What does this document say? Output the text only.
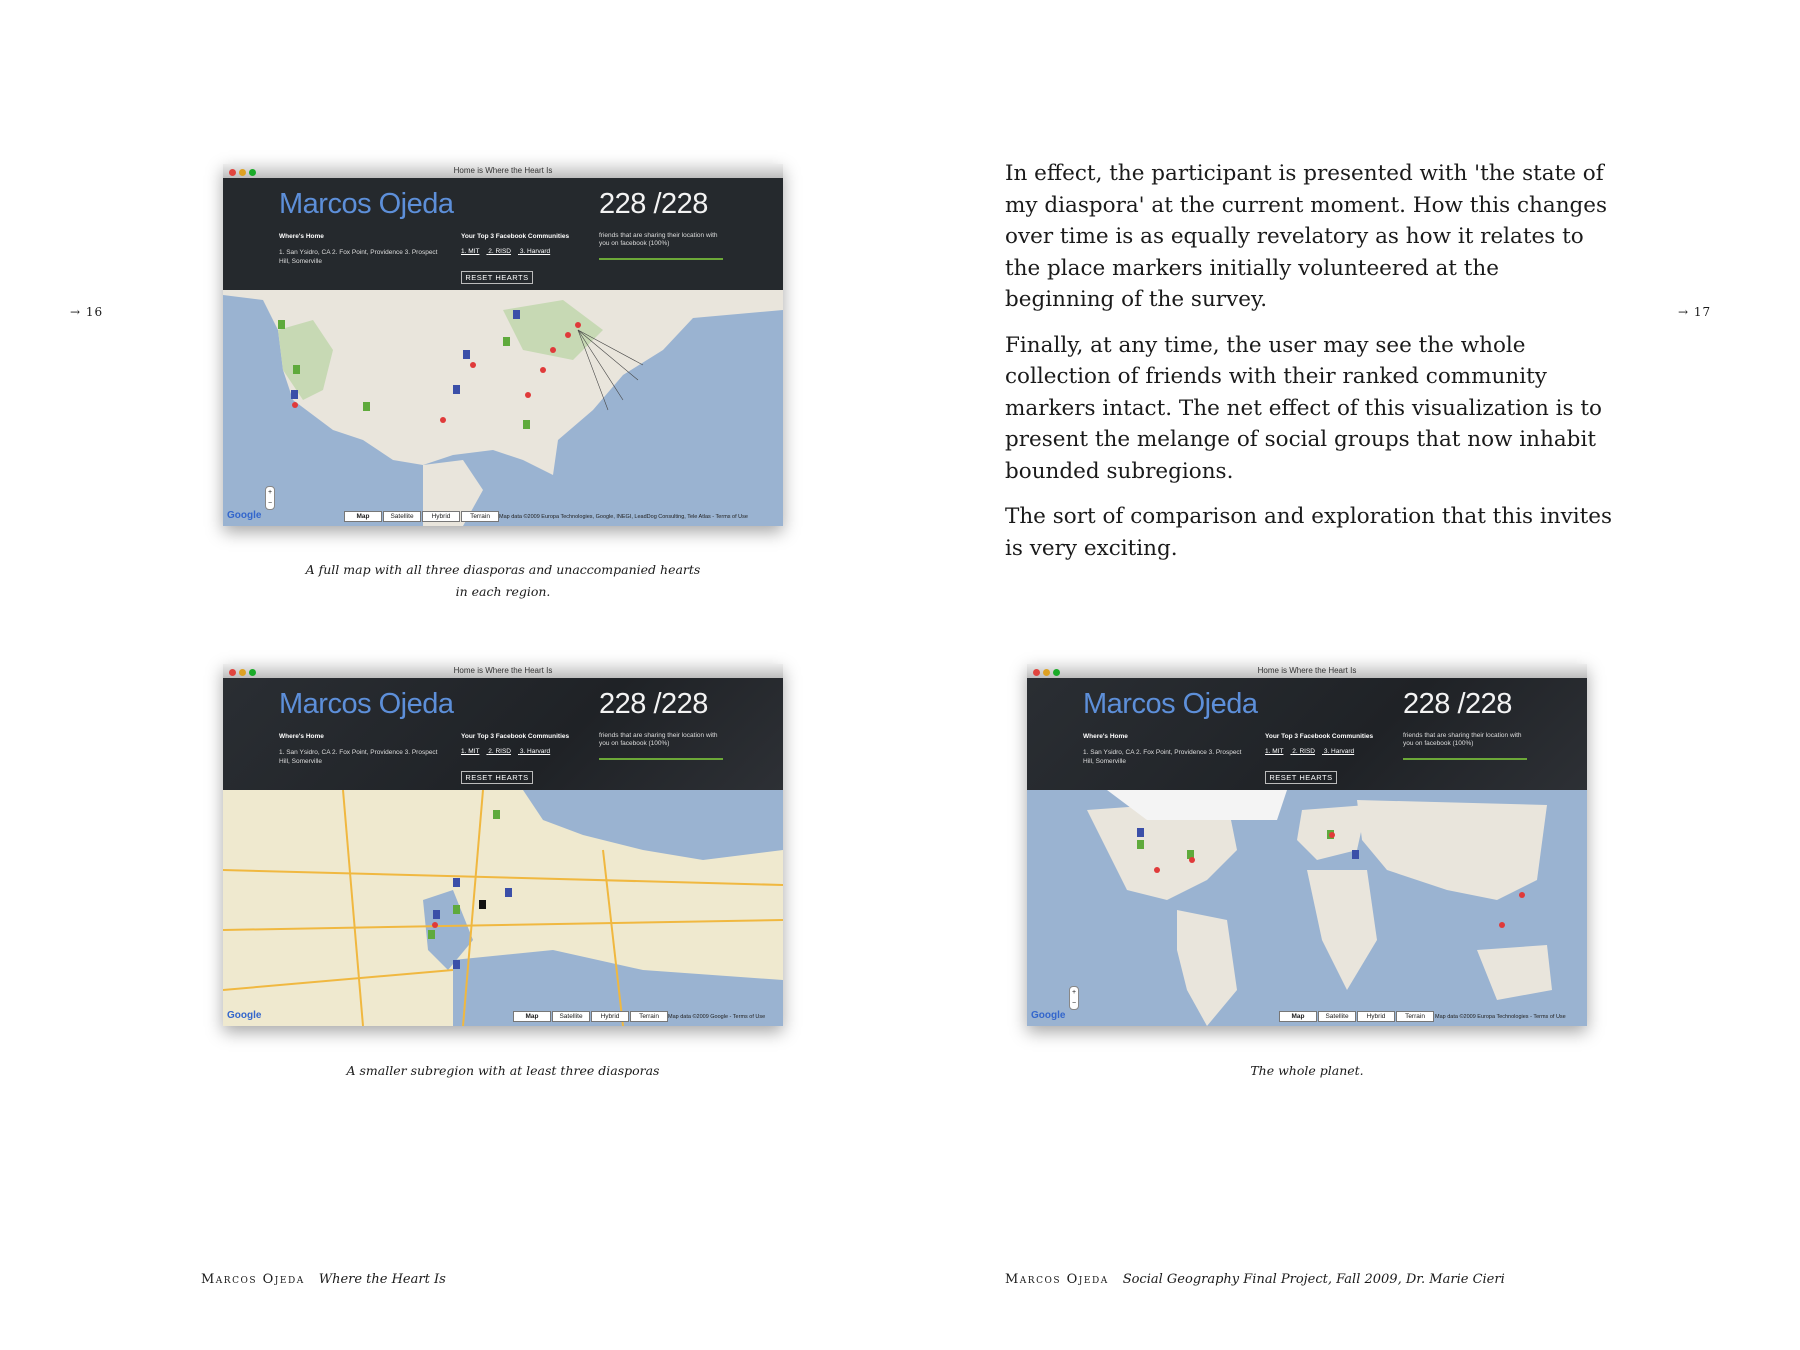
→ 16
Home is Where the Heart Is
Marcos Ojeda
Where's Home
1. San Ysidro, CA 2. Fox Point, Providence 3. Prospect Hill, Somerville
Your Top 3 Facebook Communities
1. MIT 2. RISD 3. Harvard
228 /228
friends that are sharing their location with you on facebook (100%)
RESET HEARTS
+
−
Google	Map	Satellite	Hybrid	Terrain	Map data ©2009 Europa Technologies, Google, INEGI, LeadDog Consulting, Tele Atlas - Terms of Use
A full map with all three diasporas and unaccompanied hearts
in each region.
Home is Where the Heart Is
Marcos Ojeda
Where's Home
1. San Ysidro, CA 2. Fox Point, Providence 3. Prospect Hill, Somerville
Your Top 3 Facebook Communities
1. MIT 2. RISD 3. Harvard
228 /228
friends that are sharing their location with you on facebook (100%)
RESET HEARTS
Google	Map	Satellite	Hybrid	Terrain	Map data ©2009 Google - Terms of Use
A smaller subregion with at least three diasporas
Marcos Ojeda Where the Heart Is
→ 17

In effect, the participant is presented with 'the state of my diaspora' at the current moment. How this changes over time is as equally revelatory as how it relates to the place markers initially volunteered at the beginning of the survey.

Finally, at any time, the user may see the whole collection of friends with their ranked community markers intact. The net effect of this visualization is to present the melange of social groups that now inhabit bounded subregions.

The sort of comparison and exploration that this invites is very exciting.

Home is Where the Heart Is
Marcos Ojeda
Where's Home
1. San Ysidro, CA 2. Fox Point, Providence 3. Prospect Hill, Somerville
Your Top 3 Facebook Communities
1. MIT 2. RISD 3. Harvard
228 /228
friends that are sharing their location with you on facebook (100%)
RESET HEARTS
+
−
Google	Map	Satellite	Hybrid	Terrain	Map data ©2009 Europa Technologies - Terms of Use
The whole planet.
Marcos Ojeda Social Geography Final Project, Fall 2009, Dr. Marie Cieri
